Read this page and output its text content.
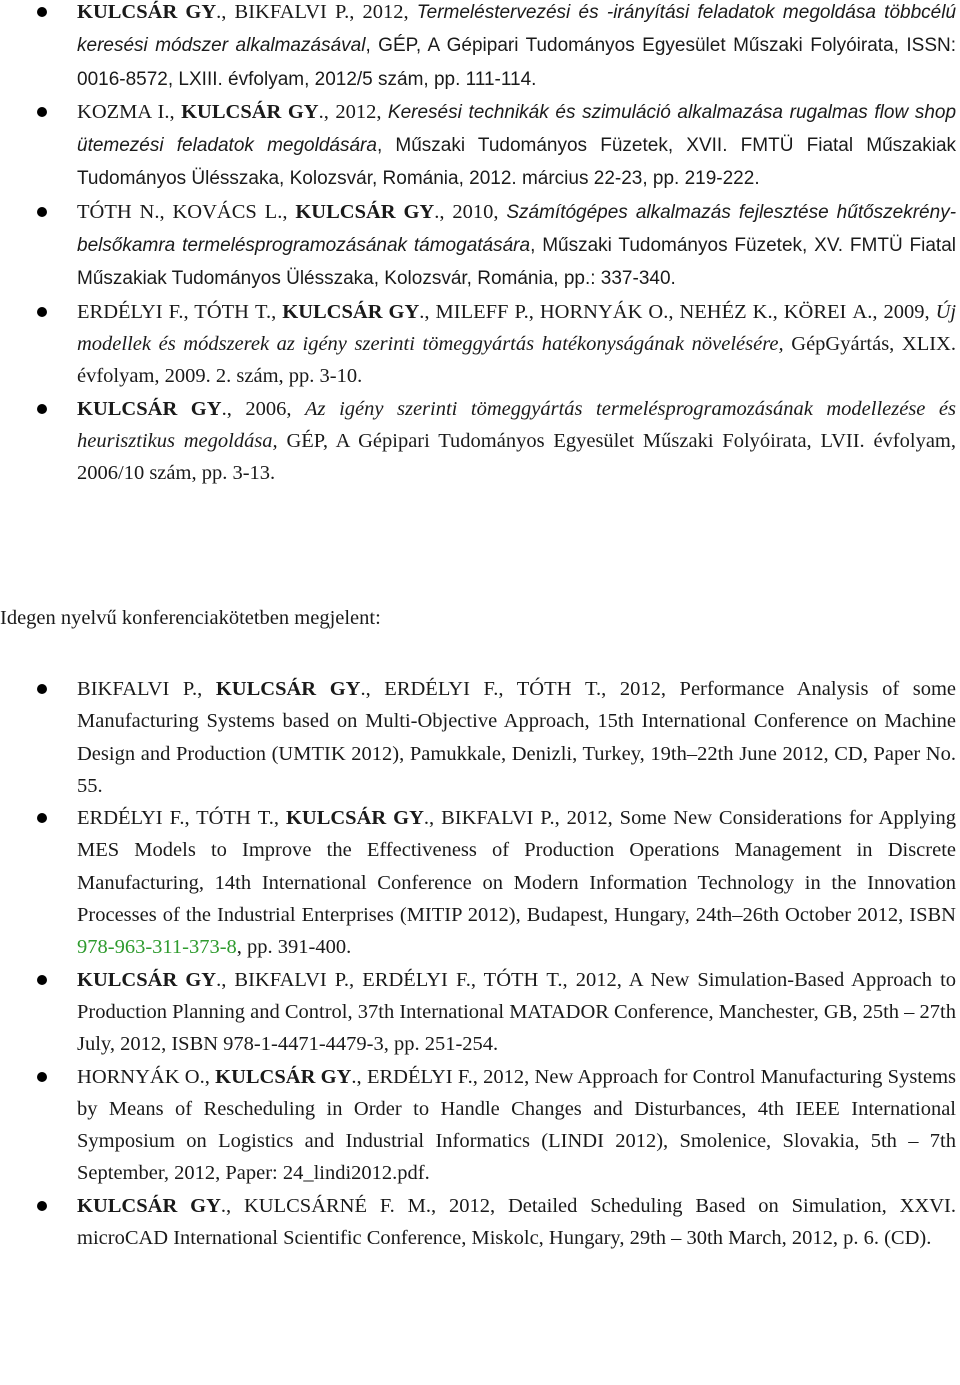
KULCSÁR GY., BIKFALVI P., 2012, Termeléstervezési és -irányítási feladatok megoldása többcélú keresési módszer alkalmazásával, GÉP, A Gépipari Tudományos Egyesület Műszaki Folyóirata, ISSN: 0016-8572, LXIII. évfolyam, 2012/5 szám, pp. 111-114.
KOZMA I., KULCSÁR GY., 2012, Keresési technikák és szimuláció alkalmazása rugalmas flow shop ütemezési feladatok megoldására, Műszaki Tudományos Füzetek, XVII. FMTÜ Fiatal Műszakiak Tudományos Ülésszaka, Kolozsvár, Románia, 2012. március 22-23, pp. 219-222.
TÓTH N., KOVÁCS L., KULCSÁR GY., 2010, Számítógépes alkalmazás fejlesztése hűtőszekrény-belsőkamra termelésprogramozásának támogatására, Műszaki Tudományos Füzetek, XV. FMTÜ Fiatal Műszakiak Tudományos Ülésszaka, Kolozsvár, Románia, pp.: 337-340.
ERDÉLYI F., TÓTH T., KULCSÁR GY., MILEFF P., HORNYÁK O., NEHÉZ K., KÖREI A., 2009, Új modellek és módszerek az igény szerinti tömeggyártás hatékonyságának növelésére, GépGyártás, XLIX. évfolyam, 2009. 2. szám, pp. 3-10.
KULCSÁR GY., 2006, Az igény szerinti tömeggyártás termelésprogramozásának modellezése és heurisztikus megoldása, GÉP, A Gépipari Tudományos Egyesület Műszaki Folyóirata, LVII. évfolyam, 2006/10 szám, pp. 3-13.
Idegen nyelvű konferenciakötetben megjelent:
BIKFALVI P., KULCSÁR GY., ERDÉLYI F., TÓTH T., 2012, Performance Analysis of some Manufacturing Systems based on Multi-Objective Approach, 15th International Conference on Machine Design and Production (UMTIK 2012), Pamukkale, Denizli, Turkey, 19th–22th June 2012, CD, Paper No. 55.
ERDÉLYI F., TÓTH T., KULCSÁR GY., BIKFALVI P., 2012, Some New Considerations for Applying MES Models to Improve the Effectiveness of Production Operations Management in Discrete Manufacturing, 14th International Conference on Modern Information Technology in the Innovation Processes of the Industrial Enterprises (MITIP 2012), Budapest, Hungary, 24th–26th October 2012, ISBN 978-963-311-373-8, pp. 391-400.
KULCSÁR GY., BIKFALVI P., ERDÉLYI F., TÓTH T., 2012, A New Simulation-Based Approach to Production Planning and Control, 37th International MATADOR Conference, Manchester, GB, 25th – 27th July, 2012, ISBN 978-1-4471-4479-3, pp. 251-254.
HORNYÁK O., KULCSÁR GY., ERDÉLYI F., 2012, New Approach for Control Manufacturing Systems by Means of Rescheduling in Order to Handle Changes and Disturbances, 4th IEEE International Symposium on Logistics and Industrial Informatics (LINDI 2012), Smolenice, Slovakia, 5th – 7th September, 2012, Paper: 24_lindi2012.pdf.
KULCSÁR GY., KULCSÁRNÉ F. M., 2012, Detailed Scheduling Based on Simulation, XXVI. microCAD International Scientific Conference, Miskolc, Hungary, 29th – 30th March, 2012, p. 6. (CD).
